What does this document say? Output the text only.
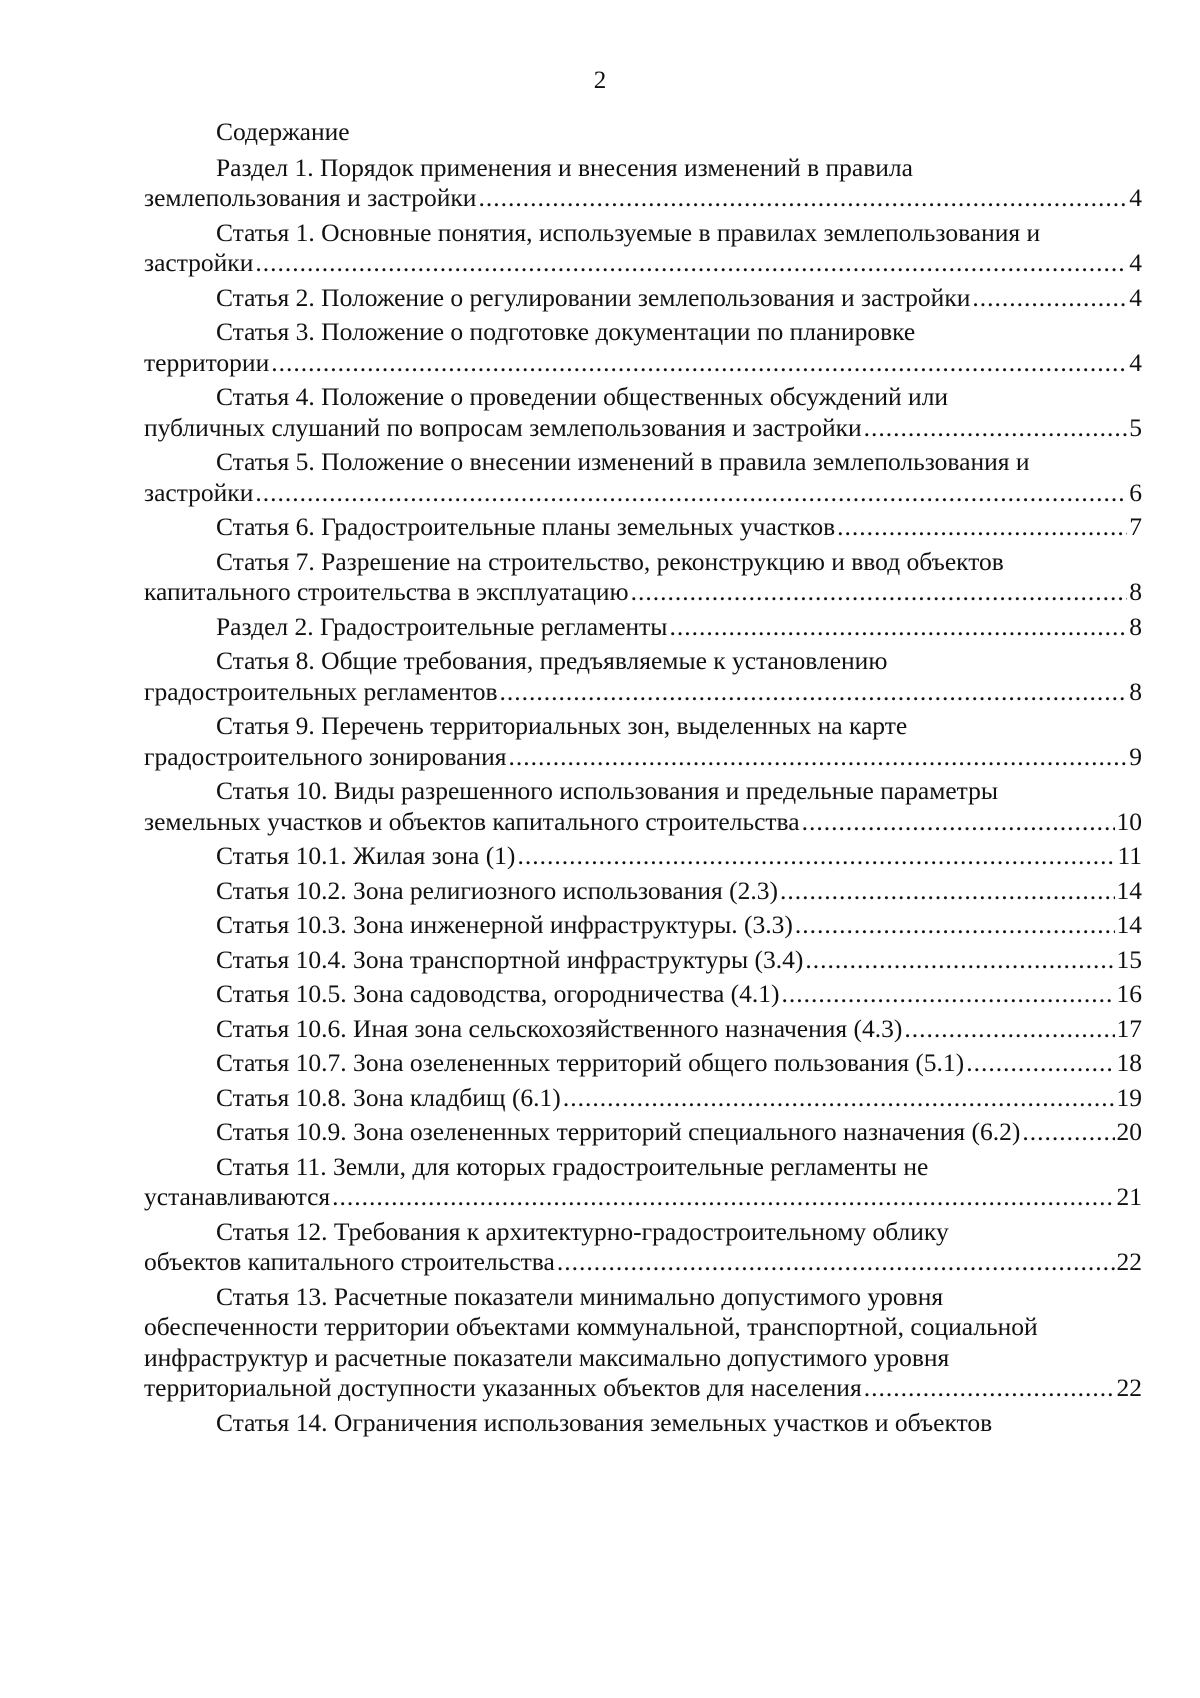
2
Содержание
Раздел 1. Порядок применения и внесения изменений в правила
землепользования и застройки .....	4
Статья 1. Основные понятия, используемые в правилах землепользования и
застройки .....	4
Статья 2. Положение о регулировании землепользования и застройки .....	4
Статья 3. Положение о подготовке документации по планировке
территории .....	4
Статья 4. Положение о проведении общественных обсуждений или
публичных слушаний по вопросам землепользования и застройки .....	5
Статья 5. Положение о внесении изменений в правила землепользования и
застройки .....	6
Статья 6. Градостроительные планы земельных участков .....	7
Статья 7. Разрешение на строительство, реконструкцию и ввод объектов
капитального строительства в эксплуатацию .....	8
Раздел 2. Градостроительные регламенты .....	8
Статья 8. Общие требования, предъявляемые к установлению
градостроительных регламентов .....	8
Статья 9. Перечень территориальных зон, выделенных на карте
градостроительного зонирования .....	9
Статья 10. Виды разрешенного использования и предельные параметры
земельных участков и объектов капитального строительства .....	10
Статья 10.1. Жилая зона (1) .....	11
Статья 10.2. Зона религиозного использования (2.3) .....	14
Статья 10.3. Зона инженерной инфраструктуры. (3.3) .....	14
Статья 10.4. Зона транспортной инфраструктуры (3.4) .....	15
Статья 10.5. Зона садоводства, огородничества (4.1) .....	16
Статья 10.6. Иная зона сельскохозяйственного назначения (4.3) .....	17
Статья 10.7. Зона озелененных территорий общего пользования (5.1) .....	18
Статья 10.8. Зона кладбищ (6.1) .....	19
Статья 10.9. Зона озелененных территорий специального назначения (6.2) .....	20
Статья 11. Земли, для которых градостроительные регламенты не
устанавливаются .....	21
Статья 12. Требования к архитектурно-градостроительному облику
объектов капитального строительства .....	22
Статья 13. Расчетные показатели минимально допустимого уровня
обеспеченности территории объектами коммунальной, транспортной, социальной
инфраструктур и расчетные показатели максимально допустимого уровня
территориальной доступности указанных объектов для населения .....	22
Статья 14. Ограничения использования земельных участков и объектов
